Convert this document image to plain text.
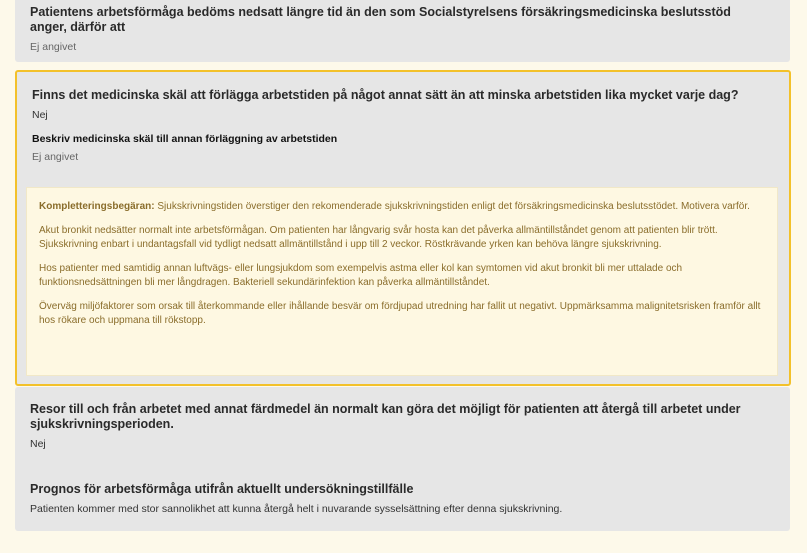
Patientens arbetsförmåga bedöms nedsatt längre tid än den som Socialstyrelsens försäkringsmedicinska beslutsstöd anger, därför att
Ej angivet
Finns det medicinska skäl att förlägga arbetstiden på något annat sätt än att minska arbetstiden lika mycket varje dag?
Nej
Beskriv medicinska skäl till annan förläggning av arbetstiden
Ej angivet

Kompletteringsbegäran: Sjukskrivningstiden överstiger den rekomenderade sjukskrivningstiden enligt det försäkringsmedicinska beslutsstödet. Motivera varför.

Akut bronkit nedsätter normalt inte arbetsförmågan. Om patienten har långvarig svår hosta kan det påverka allmäntillståndet genom att patienten blir trött. Sjukskrivning enbart i undantagsfall vid tydligt nedsatt allmäntillstånd i upp till 2 veckor. Röstkrävande yrken kan behöva längre sjukskrivning.

Hos patienter med samtidig annan luftvägs- eller lungsjukdom som exempelvis astma eller kol kan symtomen vid akut bronkit bli mer uttalade och funktionsnedsättningen bli mer långdragen. Bakteriell sekundärinfektion kan påverka allmäntillståndet.

Överväg miljöfaktorer som orsak till återkommande eller ihållande besvär om fördjupad utredning har fallit ut negativt. Uppmärksamma malignitetsrisken framför allt hos rökare och uppmana till rökstopp.

Resor till och från arbetet med annat färdmedel än normalt kan göra det möjligt för patienten att återgå till arbetet under sjukskrivningsperioden.
Nej
Prognos för arbetsförmåga utifrån aktuellt undersökningstillfälle
Patienten kommer med stor sannolikhet att kunna återgå helt i nuvarande sysselsättning efter denna sjukskrivning.
